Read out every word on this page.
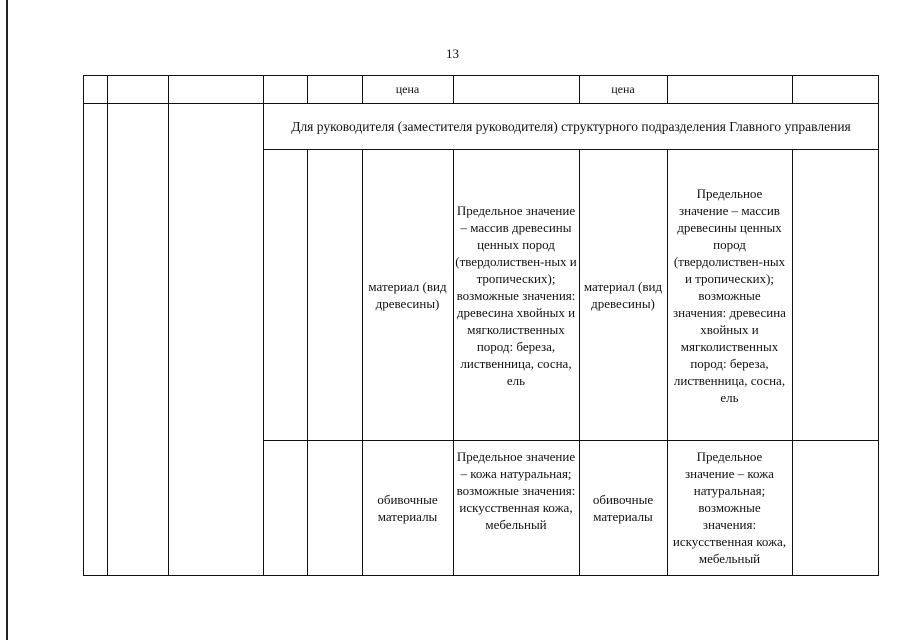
13
цена	цена
Для руководителя (заместителя руководителя) структурного подразделения Главного управления
материал (вид древесины)
Предельное значение – массив древесины ценных пород (твердолиствен-ных и тропических); возможные значения: древесина хвойных и мягколиственных пород: береза, лиственница, сосна, ель
материал (вид древесины)
Предельное значение – массив древесины ценных пород (твердолиствен-ных и тропических); возможные значения: древесина хвойных и мягколиственных пород: береза, лиственница, сосна, ель
обивочные материалы
Предельное значение – кожа натуральная; возможные значения: искусственная кожа, мебельный
обивочные материалы
Предельное значение – кожа натуральная; возможные значения: искусственная кожа, мебельный
